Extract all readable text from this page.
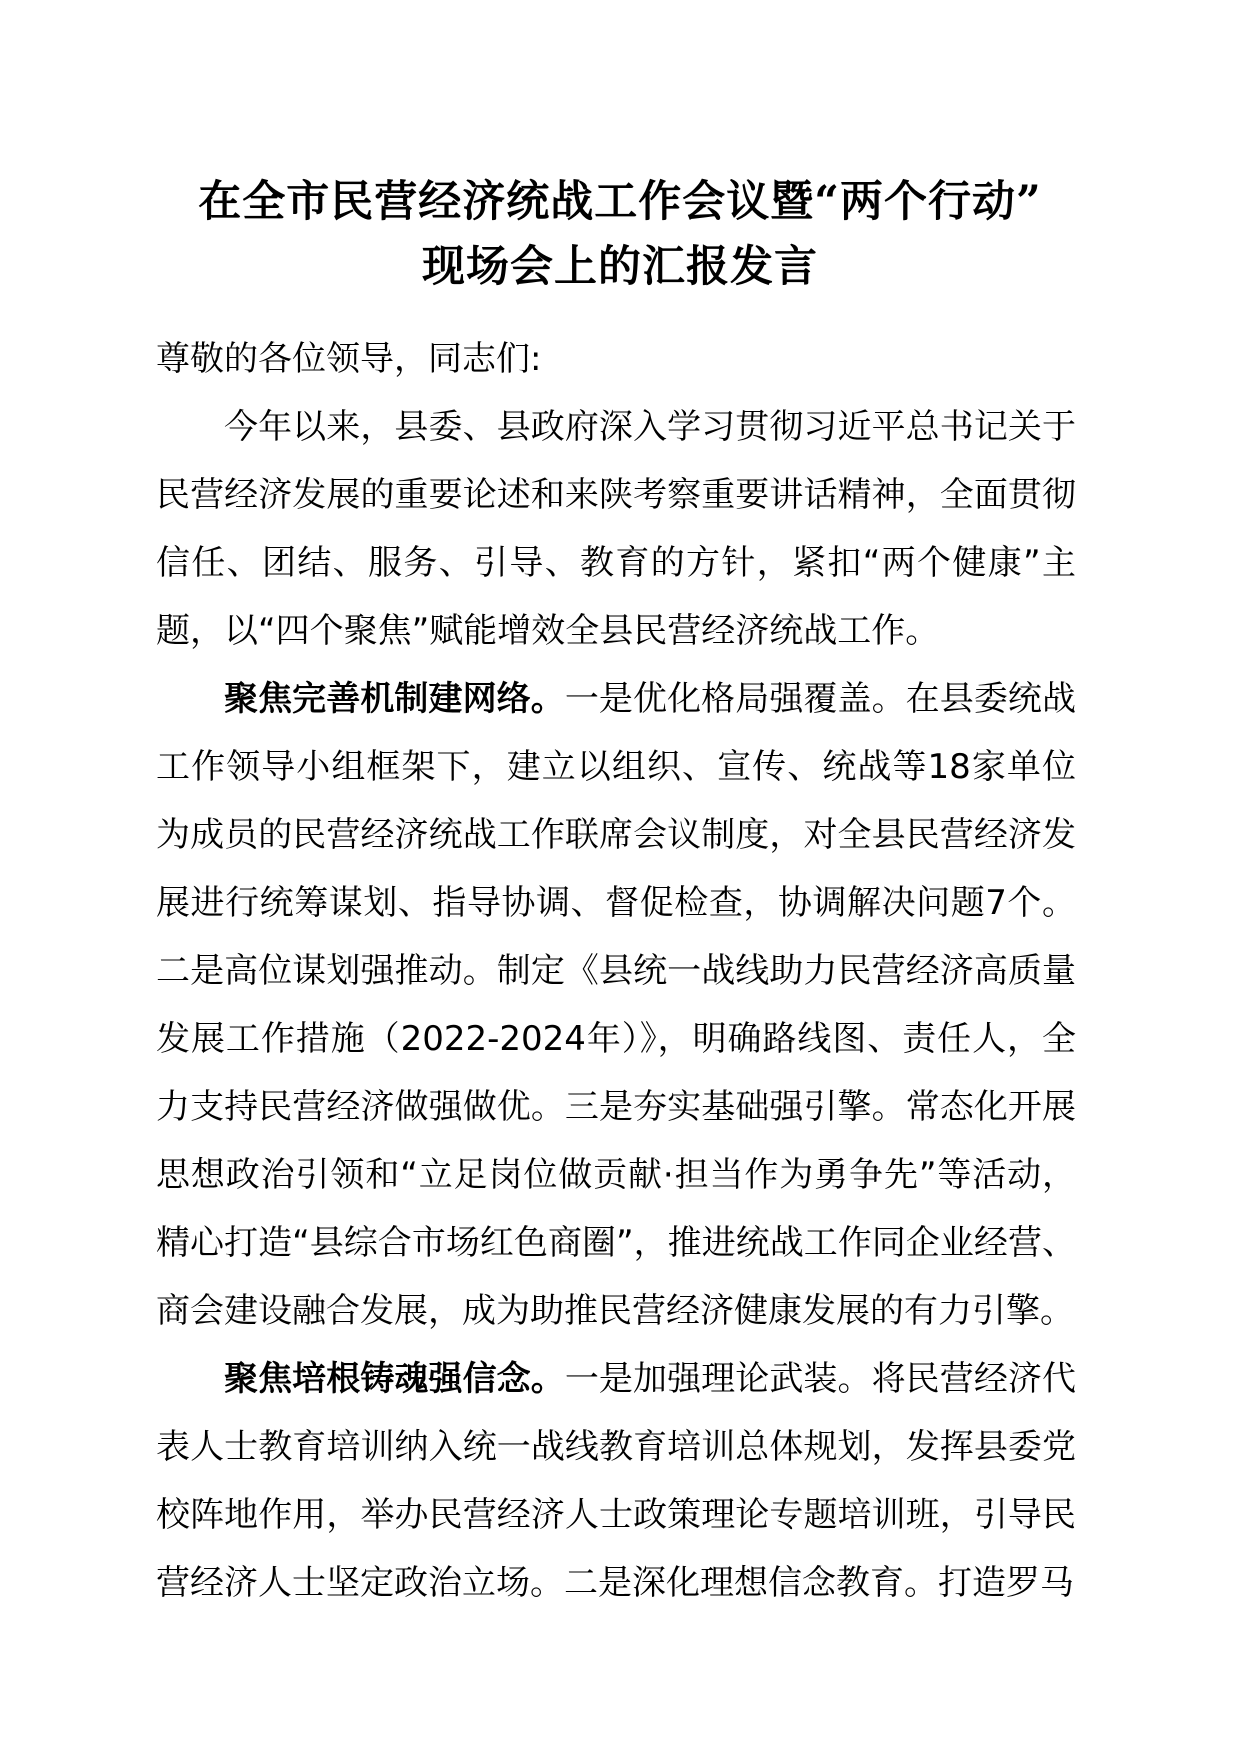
在全市民营经济统战工作会议暨“两个行动”
现场会上的汇报发言

尊敬的各位领导，同志们:

今年以来，县委、县政府深入学习贯彻习近平总书记关于民营经济发展的重要论述和来陕考察重要讲话精神，全面贯彻信任、团结、服务、引导、教育的方针，紧扣“两个健康”主题，以“四个聚焦”赋能增效全县民营经济统战工作。

聚焦完善机制建网络。一是优化格局强覆盖。在县委统战工作领导小组框架下，建立以组织、宣传、统战等18家单位为成员的民营经济统战工作联席会议制度，对全县民营经济发展进行统筹谋划、指导协调、督促检查，协调解决问题7个。二是高位谋划强推动。制定《县统一战线助力民营经济高质量发展工作措施（2022-2024年）》，明确路线图、责任人，全力支持民营经济做强做优。三是夯实基础强引擎。常态化开展思想政治引领和“立足岗位做贡献·担当作为勇争先”等活动，精心打造“县综合市场红色商圈”，推进统战工作同企业经营、商会建设融合发展，成为助推民营经济健康发展的有力引擎。

聚焦培根铸魂强信念。一是加强理论武装。将民营经济代表人士教育培训纳入统一战线教育培训总体规划，发挥县委党校阵地作用，举办民营经济人士政策理论专题培训班，引导民营经济人士坚定政治立场。二是深化理想信念教育。打造罗马
